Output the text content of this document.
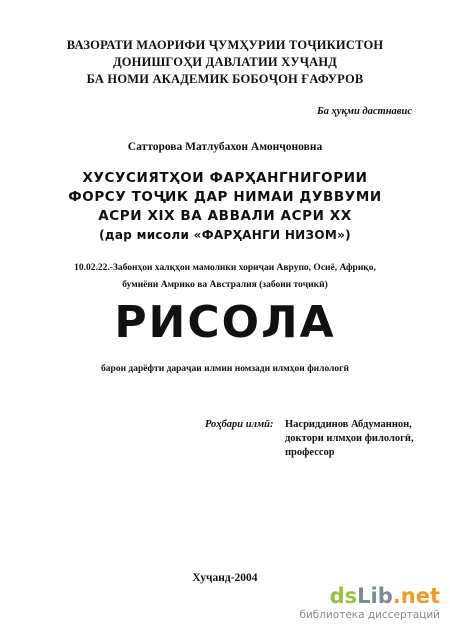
ВАЗОРАТИ МАОРИФИ ҶУМҲУРИИ ТОҶИКИСТОН
ДОНИШГОҲИ ДАВЛАТИИ ХУҶАНД
БА НОМИ АКАДЕМИК БОБОҶОН ҒАФУРОВ
Ба ҳуқми дастнавис
Сатторова Матлубахон Амонҷоновна
ХУСУСИЯТҲОИ ФАРҲАНГНИГОРИИ
ФОРСУ ТОҶИК ДАР НИМАИ ДУВВУМИ
АСРИ XIX ВА АВВАЛИ АСРИ XX
(дар мисоли «ФАРҲАНГИ НИЗОМ»)
10.02.22.-Забонҳои халқҳои мамолики хориҷаи Аврупо, Осиё, Африқо,
бумиёни Амрико ва Австралия (забони тоҷикӣ)
РИСОЛА
барои дарёфти дараҷаи илмии номзади илмҳои филологӣ
Роҳбари илмӣ: Насриддинов Абдуманнон,
доктори илмҳои филологӣ,
профессор
Хуҷанд-2004
dsLib.net
библиотека диссертаций
